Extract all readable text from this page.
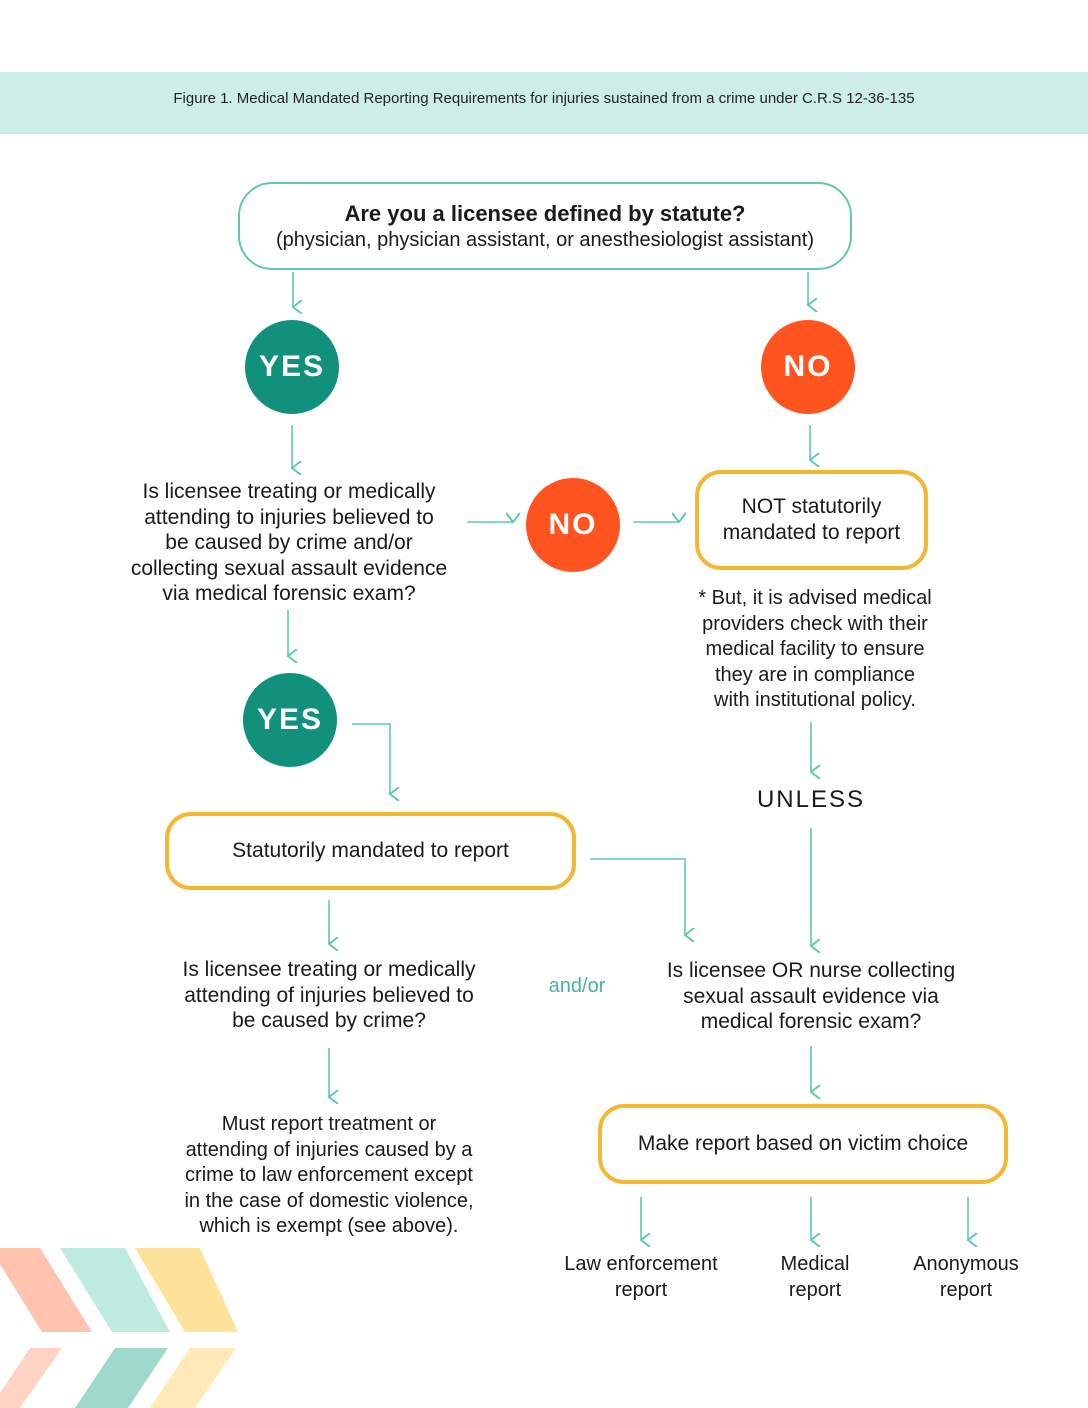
Figure 1. Medical Mandated Reporting Requirements for injuries sustained from a crime under C.R.S 12-36-135
Are you a licensee defined by statute?
(physician, physician assistant, or anesthesiologist assistant)
YES	NO
Is licensee treating or medically
attending to injuries believed to
be caused by crime and/or
collecting sexual assault evidence
via medical forensic exam?
NO
NOT statutorily
mandated to report
* But, it is advised medical
providers check with their
medical facility to ensure
they are in compliance
with institutional policy.
YES
UNLESS
Statutorily mandated to report
Is licensee treating or medically
attending of injuries believed to
be caused by crime?
and/or
Is licensee OR nurse collecting
sexual assault evidence via
medical forensic exam?
Must report treatment or
attending of injuries caused by a
crime to law enforcement except
in the case of domestic violence,
which is exempt (see above).
Make report based on victim choice
Law enforcement
report
Medical
report
Anonymous
report
